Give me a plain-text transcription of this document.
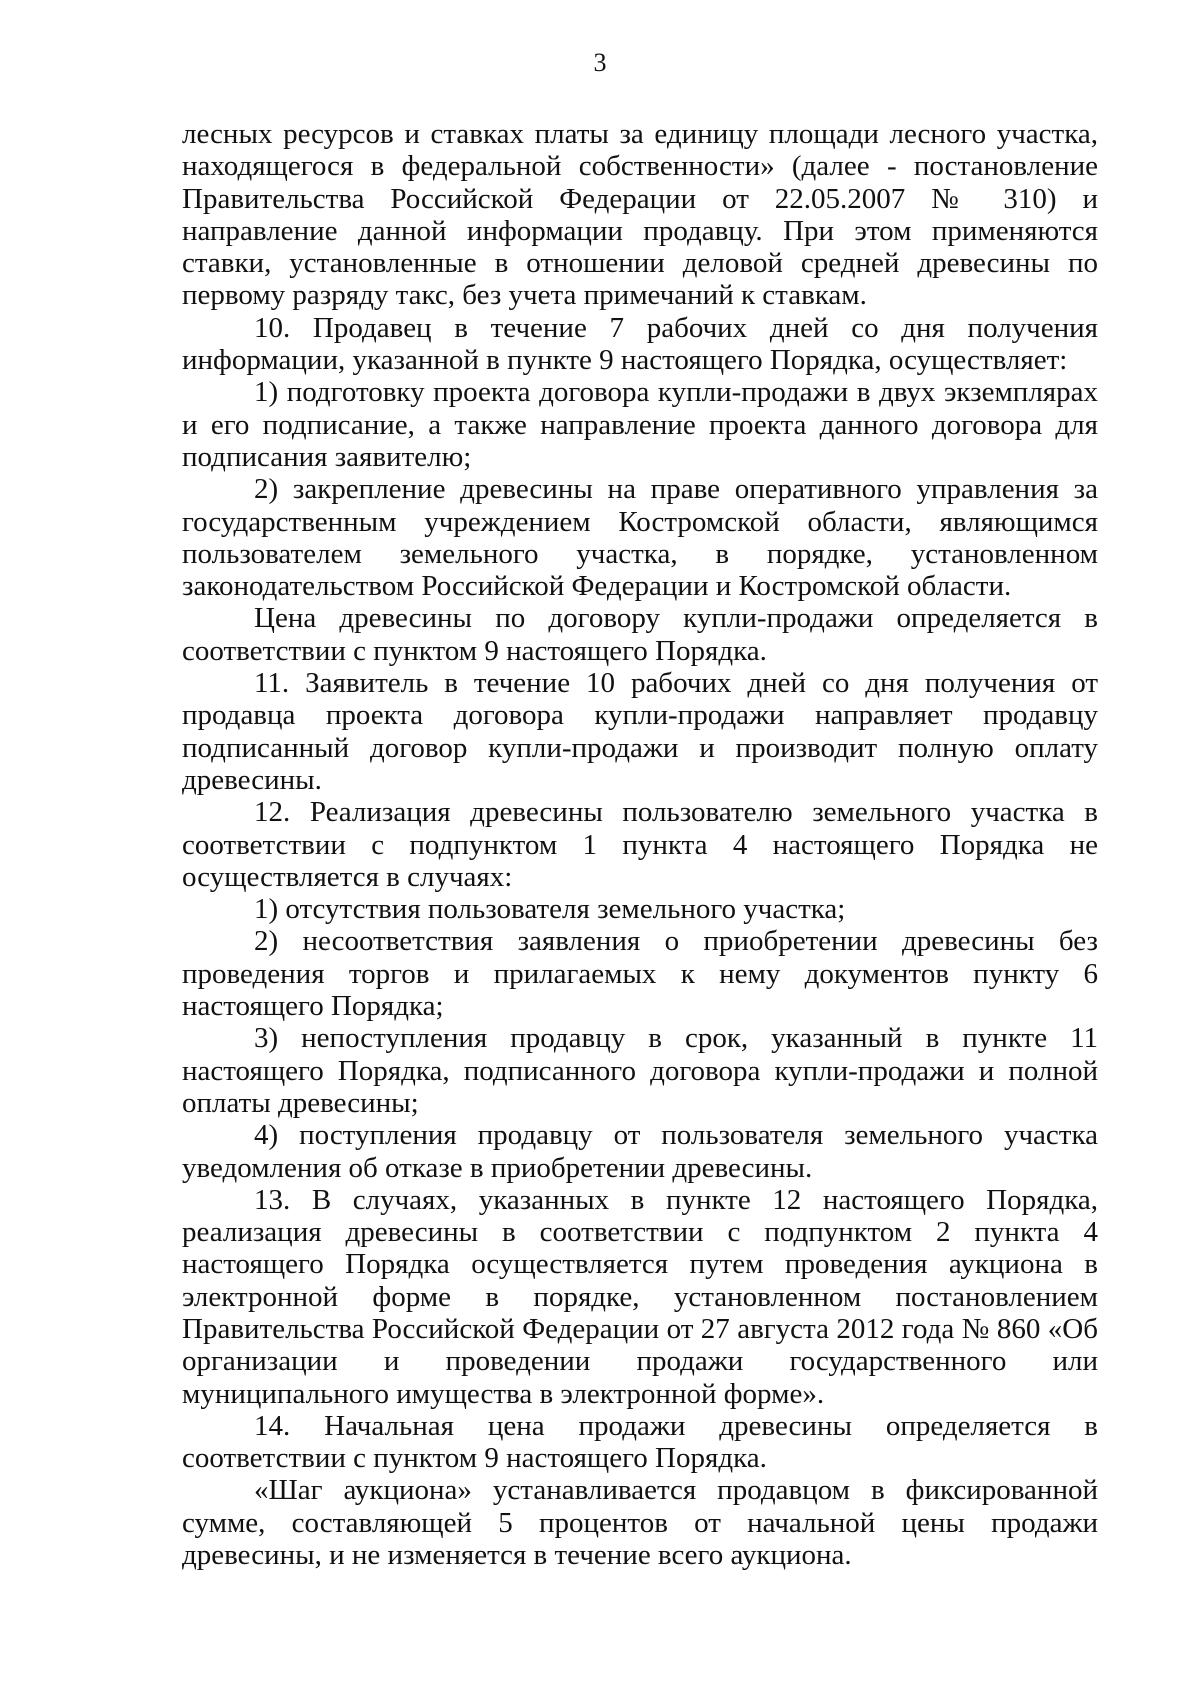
3

лесных ресурсов и ставках платы за единицу площади лесного участка, находящегося в федеральной собственности» (далее - постановление Правительства Российской Федерации от 22.05.2007 № 310) и направление данной информации продавцу. При этом применяются ставки, установленные в отношении деловой средней древесины по первому разряду такс, без учета примечаний к ставкам.

10. Продавец в течение 7 рабочих дней со дня получения информации, указанной в пункте 9 настоящего Порядка, осуществляет:

1) подготовку проекта договора купли-продажи в двух экземплярах и его подписание, а также направление проекта данного договора для подписания заявителю;

2) закрепление древесины на праве оперативного управления за государственным учреждением Костромской области, являющимся пользователем земельного участка, в порядке, установленном законодательством Российской Федерации и Костромской области.

Цена древесины по договору купли-продажи определяется в соответствии с пунктом 9 настоящего Порядка.

11. Заявитель в течение 10 рабочих дней со дня получения от продавца проекта договора купли-продажи направляет продавцу подписанный договор купли-продажи и производит полную оплату древесины.

12. Реализация древесины пользователю земельного участка в соответствии с подпунктом 1 пункта 4 настоящего Порядка не осуществляется в случаях:

1) отсутствия пользователя земельного участка;

2) несоответствия заявления о приобретении древесины без проведения торгов и прилагаемых к нему документов пункту 6 настоящего Порядка;

3) непоступления продавцу в срок, указанный в пункте 11 настоящего Порядка, подписанного договора купли-продажи и полной оплаты древесины;

4) поступления продавцу от пользователя земельного участка уведомления об отказе в приобретении древесины.

13. В случаях, указанных в пункте 12 настоящего Порядка, реализация древесины в соответствии с подпунктом 2 пункта 4 настоящего Порядка осуществляется путем проведения аукциона в электронной форме в порядке, установленном постановлением Правительства Российской Федерации от 27 августа 2012 года № 860 «Об организации и проведении продажи государственного или муниципального имущества в электронной форме».

14. Начальная цена продажи древесины определяется в соответствии с пунктом 9 настоящего Порядка.

«Шаг аукциона» устанавливается продавцом в фиксированной сумме, составляющей 5 процентов от начальной цены продажи древесины, и не изменяется в течение всего аукциона.
